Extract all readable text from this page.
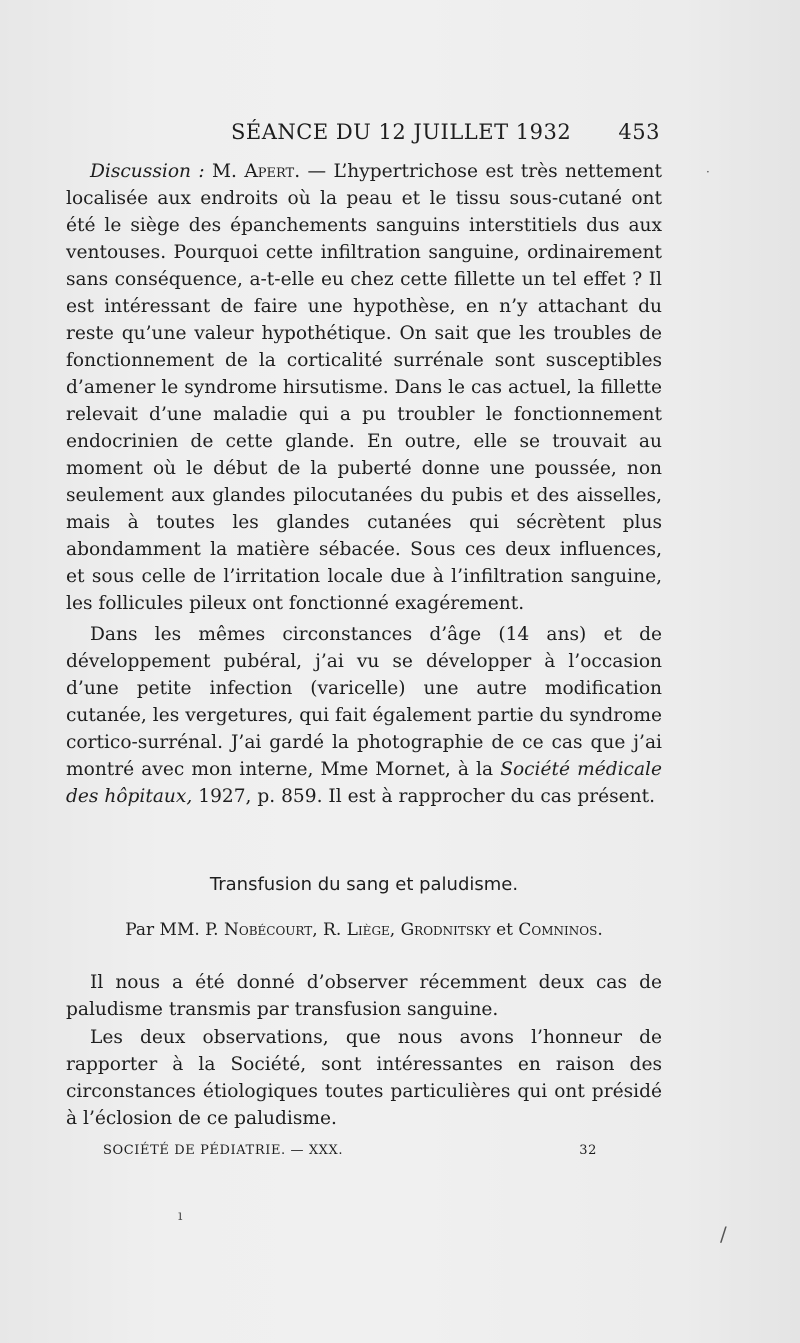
SÉANCE DU 12 JUILLET 1932 453

Discussion : M. Apert. — L’hypertrichose est très nettement localisée aux endroits où la peau et le tissu sous-cutané ont été le siège des épanchements sanguins interstitiels dus aux ventouses. Pourquoi cette infiltration sanguine, ordinairement sans conséquence, a-t-elle eu chez cette fillette un tel effet ? Il est intéressant de faire une hypothèse, en n’y attachant du reste qu’une valeur hypothétique. On sait que les troubles de fonctionnement de la corticalité surrénale sont susceptibles d’amener le syndrome hirsutisme. Dans le cas actuel, la fillette relevait d’une maladie qui a pu troubler le fonctionnement endocrinien de cette glande. En outre, elle se trouvait au moment où le début de la puberté donne une poussée, non seulement aux glandes pilocutanées du pubis et des aisselles, mais à toutes les glandes cutanées qui sécrètent plus abondamment la matière sébacée. Sous ces deux influences, et sous celle de l’irritation locale due à l’infiltration sanguine, les follicules pileux ont fonctionné exagérement.

Dans les mêmes circonstances d’âge (14 ans) et de développement pubéral, j’ai vu se développer à l’occasion d’une petite infection (varicelle) une autre modification cutanée, les vergetures, qui fait également partie du syndrome cortico-surrénal. J’ai gardé la photographie de ce cas que j’ai montré avec mon interne, Mme Mornet, à la Société médicale des hôpitaux, 1927, p. 859. Il est à rapprocher du cas présent.

Transfusion du sang et paludisme.
Par MM. P. Nobécourt, R. Liège, Grodnitsky et Comninos.

Il nous a été donné d’observer récemment deux cas de paludisme transmis par transfusion sanguine.

Les deux observations, que nous avons l’honneur de rapporter à la Société, sont intéressantes en raison des circonstances étiologiques toutes particulières qui ont présidé à l’éclosion de ce paludisme.

SOCIÉTÉ DE PÉDIATRIE. — XXX.	32
·
/
ı
